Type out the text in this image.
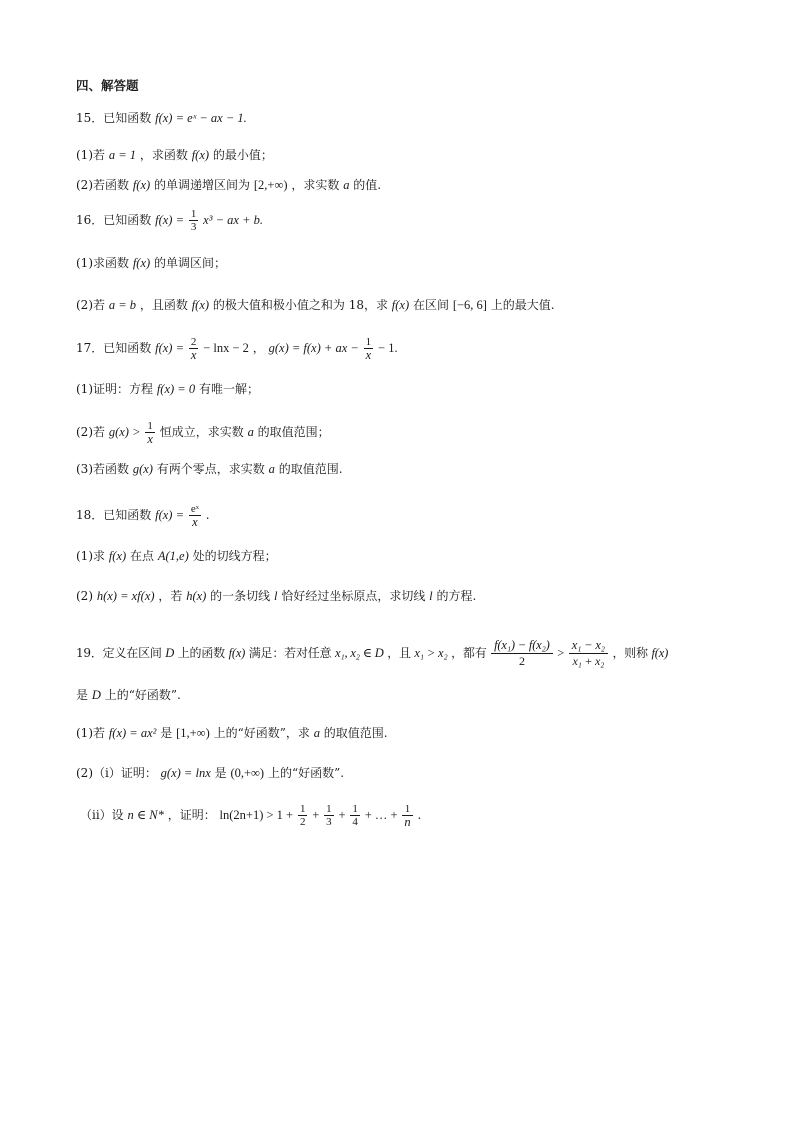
四、解答题
15．已知函数 f(x) = eˣ − ax − 1.
(1)若 a = 1 ，求函数 f(x) 的最小值；
(2)若函数 f(x) 的单调递增区间为 [2,+∞) ，求实数 a 的值.
16．已知函数 $f(x) = \frac{1}{3} x^3$ − ax + b.
(1)求函数 f(x) 的单调区间；
(2)若 a = b ，且函数 f(x) 的极大值和极小值之和为 18，求 f(x) 在区间 [−6, 6] 上的最大值.
17．已知函数 $f(x) = \frac{2}{x} - \ln x - 2$ ， g(x) = f(x) + ax − $\frac{1}{x} - 1$.
(1)证明：方程 f(x) = 0 有唯一解；
(2)若 $g(x) > \frac{1}{x}$ 恒成立，求实数 a 的取值范围；
(3)若函数 g(x) 有两个零点，求实数 a 的取值范围.
18．已知函数 $f(x) = \frac{\text{eˣ}}{x}$ .
(1)求 f(x) 在点 A(1,e) 处的切线方程；
(2) h(x) = xf(x) ，若 h(x) 的一条切线 l 恰好经过坐标原点，求切线 l 的方程.
19．定义在区间 D 上的函数 f(x) 满足：若对任意 x₁, x₂ ∈ D ，且 x₁ > x₂ ，都有 $\frac{\text{f(x₁) − f(x₂)}}{2} > \frac{\text{x₁ − x₂}}{\text{x₁ + x₂}}$ ，则称 f(x)
是 D 上的“好函数”.
(1)若 f(x) = ax² 是 [1,+∞) 上的“好函数”，求 a 的取值范围.
(2)（i）证明： g(x) = lnx 是 (0,+∞) 上的“好函数”.
（ii）设 n ∈ N* ，证明： $\ln(2n+1) > 1 + \frac{1}{2} + \frac{1}{3} + \frac{1}{4}$ + … + $\frac{1}{n}$ .
